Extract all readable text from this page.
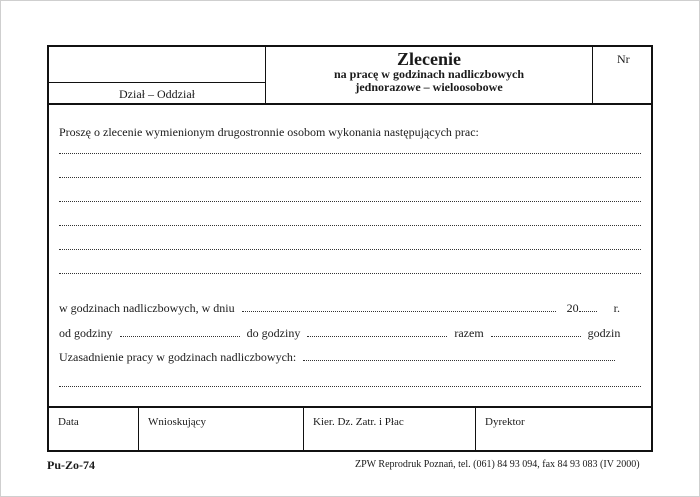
Dział – Oddział
Zlecenie
na pracę w godzinach nadliczbowych
jednorazowe – wieloosobowe
Nr
Proszę o zlecenie wymienionym drugostronnie osobom wykonania następujących prac:
w godzinach nadliczbowych, w dniu	20	r.
od godziny	do godziny	razem	godzin
Uzasadnienie pracy w godzinach nadliczbowych:
Data	Wnioskujący	Kier. Dz. Zatr. i Płac	Dyrektor
Pu-Zo-74	ZPW Reprodruk Poznań, tel. (061) 84 93 094, fax 84 93 083 (IV 2000)
